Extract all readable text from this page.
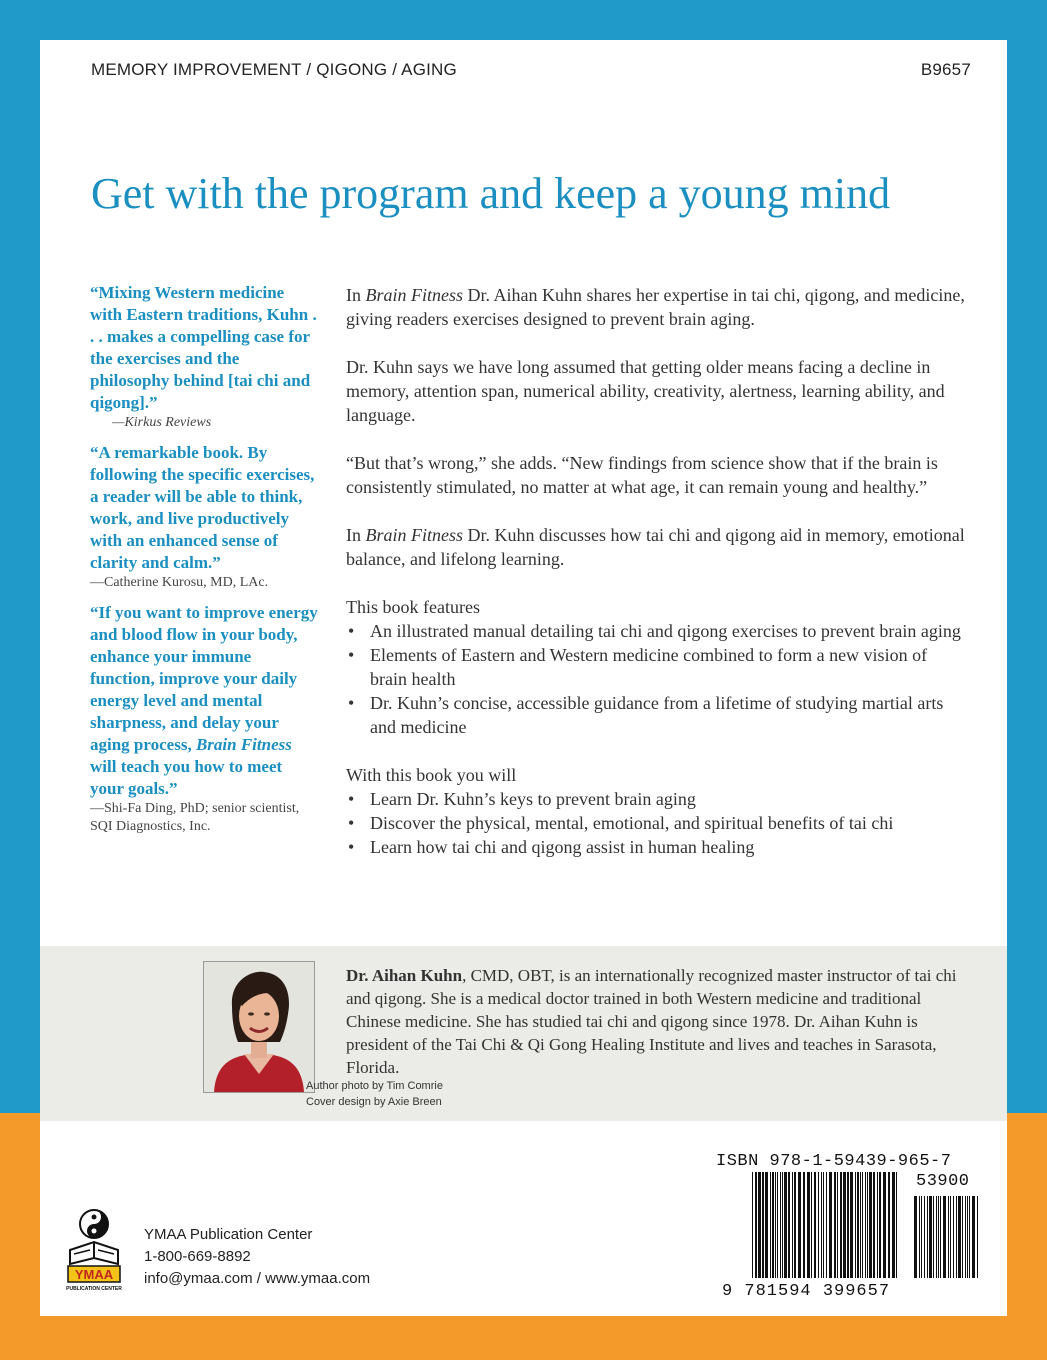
MEMORY IMPROVEMENT / QIGONG / AGING	B9657
Get with the program and keep a young mind
“Mixing Western medicine with Eastern traditions, Kuhn . . . makes a compelling case for the exercises and the philosophy behind [tai chi and qigong].”
—Kirkus Reviews
“A remarkable book. By following the specific exercises, a reader will be able to think, work, and live productively with an enhanced sense of clarity and calm.”
—Catherine Kurosu, MD, LAc.
“If you want to improve energy and blood flow in your body, enhance your immune function, improve your daily energy level and mental sharpness, and delay your aging process, Brain Fitness will teach you how to meet your goals.”
—Shi-Fa Ding, PhD; senior scientist, SQI Diagnostics, Inc.

In Brain Fitness Dr. Aihan Kuhn shares her expertise in tai chi, qigong, and medicine, giving readers exercises designed to prevent brain aging.

Dr. Kuhn says we have long assumed that getting older means facing a decline in memory, attention span, numerical ability, creativity, alertness, learning ability, and language.

“But that’s wrong,” she adds. “New findings from science show that if the brain is consistently stimulated, no matter at what age, it can remain young and healthy.”

In Brain Fitness Dr. Kuhn discusses how tai chi and qigong aid in memory, emotional balance, and lifelong learning.

This book features

• An illustrated manual detailing tai chi and qigong exercises to prevent brain aging
• Elements of Eastern and Western medicine combined to form a new vision of brain health
• Dr. Kuhn’s concise, accessible guidance from a lifetime of studying martial arts and medicine

With this book you will

• Learn Dr. Kuhn’s keys to prevent brain aging
• Discover the physical, mental, emotional, and spiritual benefits of tai chi
• Learn how tai chi and qigong assist in human healing

Dr. Aihan Kuhn, CMD, OBT, is an internationally recognized master instructor of tai chi and qigong. She is a medical doctor trained in both Western medicine and traditional Chinese medicine. She has studied tai chi and qigong since 1978. Dr. Aihan Kuhn is president of the Tai Chi & Qi Gong Healing Institute and lives and teaches in Sarasota, Florida.

Author photo by Tim Comrie
Cover design by Axie Breen
YMAA
PUBLICATION CENTER
YMAA Publication Center
1-800-669-8892
info@ymaa.com / www.ymaa.com
ISBN 978-1-59439-965-7
53900
9 781594 399657
